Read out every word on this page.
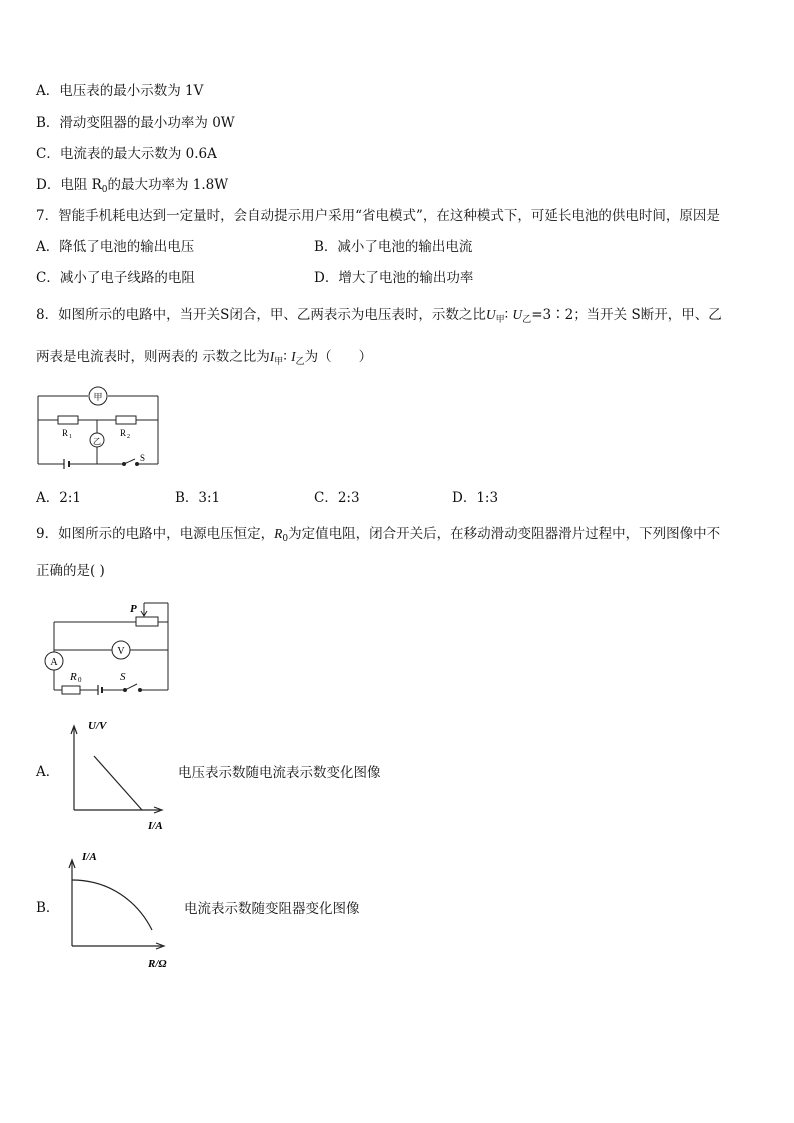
A．电压表的最小示数为 1V
B．滑动变阻器的最小功率为 0W
C．电流表的最大示数为 0.6A
D．电阻 $R_0$的最大功率为 1.8W
7．智能手机耗电达到一定量时，会自动提示用户采用“省电模式”，在这种模式下，可延长电池的供电时间，原因是
A．降低了电池的输出电压	B．减小了电池的输出电流
C．减小了电子线路的电阻	D．增大了电池的输出功率
8．如图所示的电路中，当开关S闭合，甲、乙两表示为电压表时，示数之比$U_甲∶$ $U_乙=3∶2$；当开关 S断开，甲、乙
两表是电流表时，则两表的 示数之比为$I_甲∶$ $I_乙$为（　　）
甲
乙
R 1	R 2
S
A．2:1	B．3:1	C．2:3	D．1:3
9．如图所示的电路中，电源电压恒定，$R_0$为定值电阻，闭合开关后，在移动滑动变阻器滑片过程中，下列图像中不
正确的是( )
P
V
A
R 0	S
A．
U/V
I/A
电压表示数随电流表示数变化图像
B．
I/A
R/Ω
电流表示数随变阻器变化图像
